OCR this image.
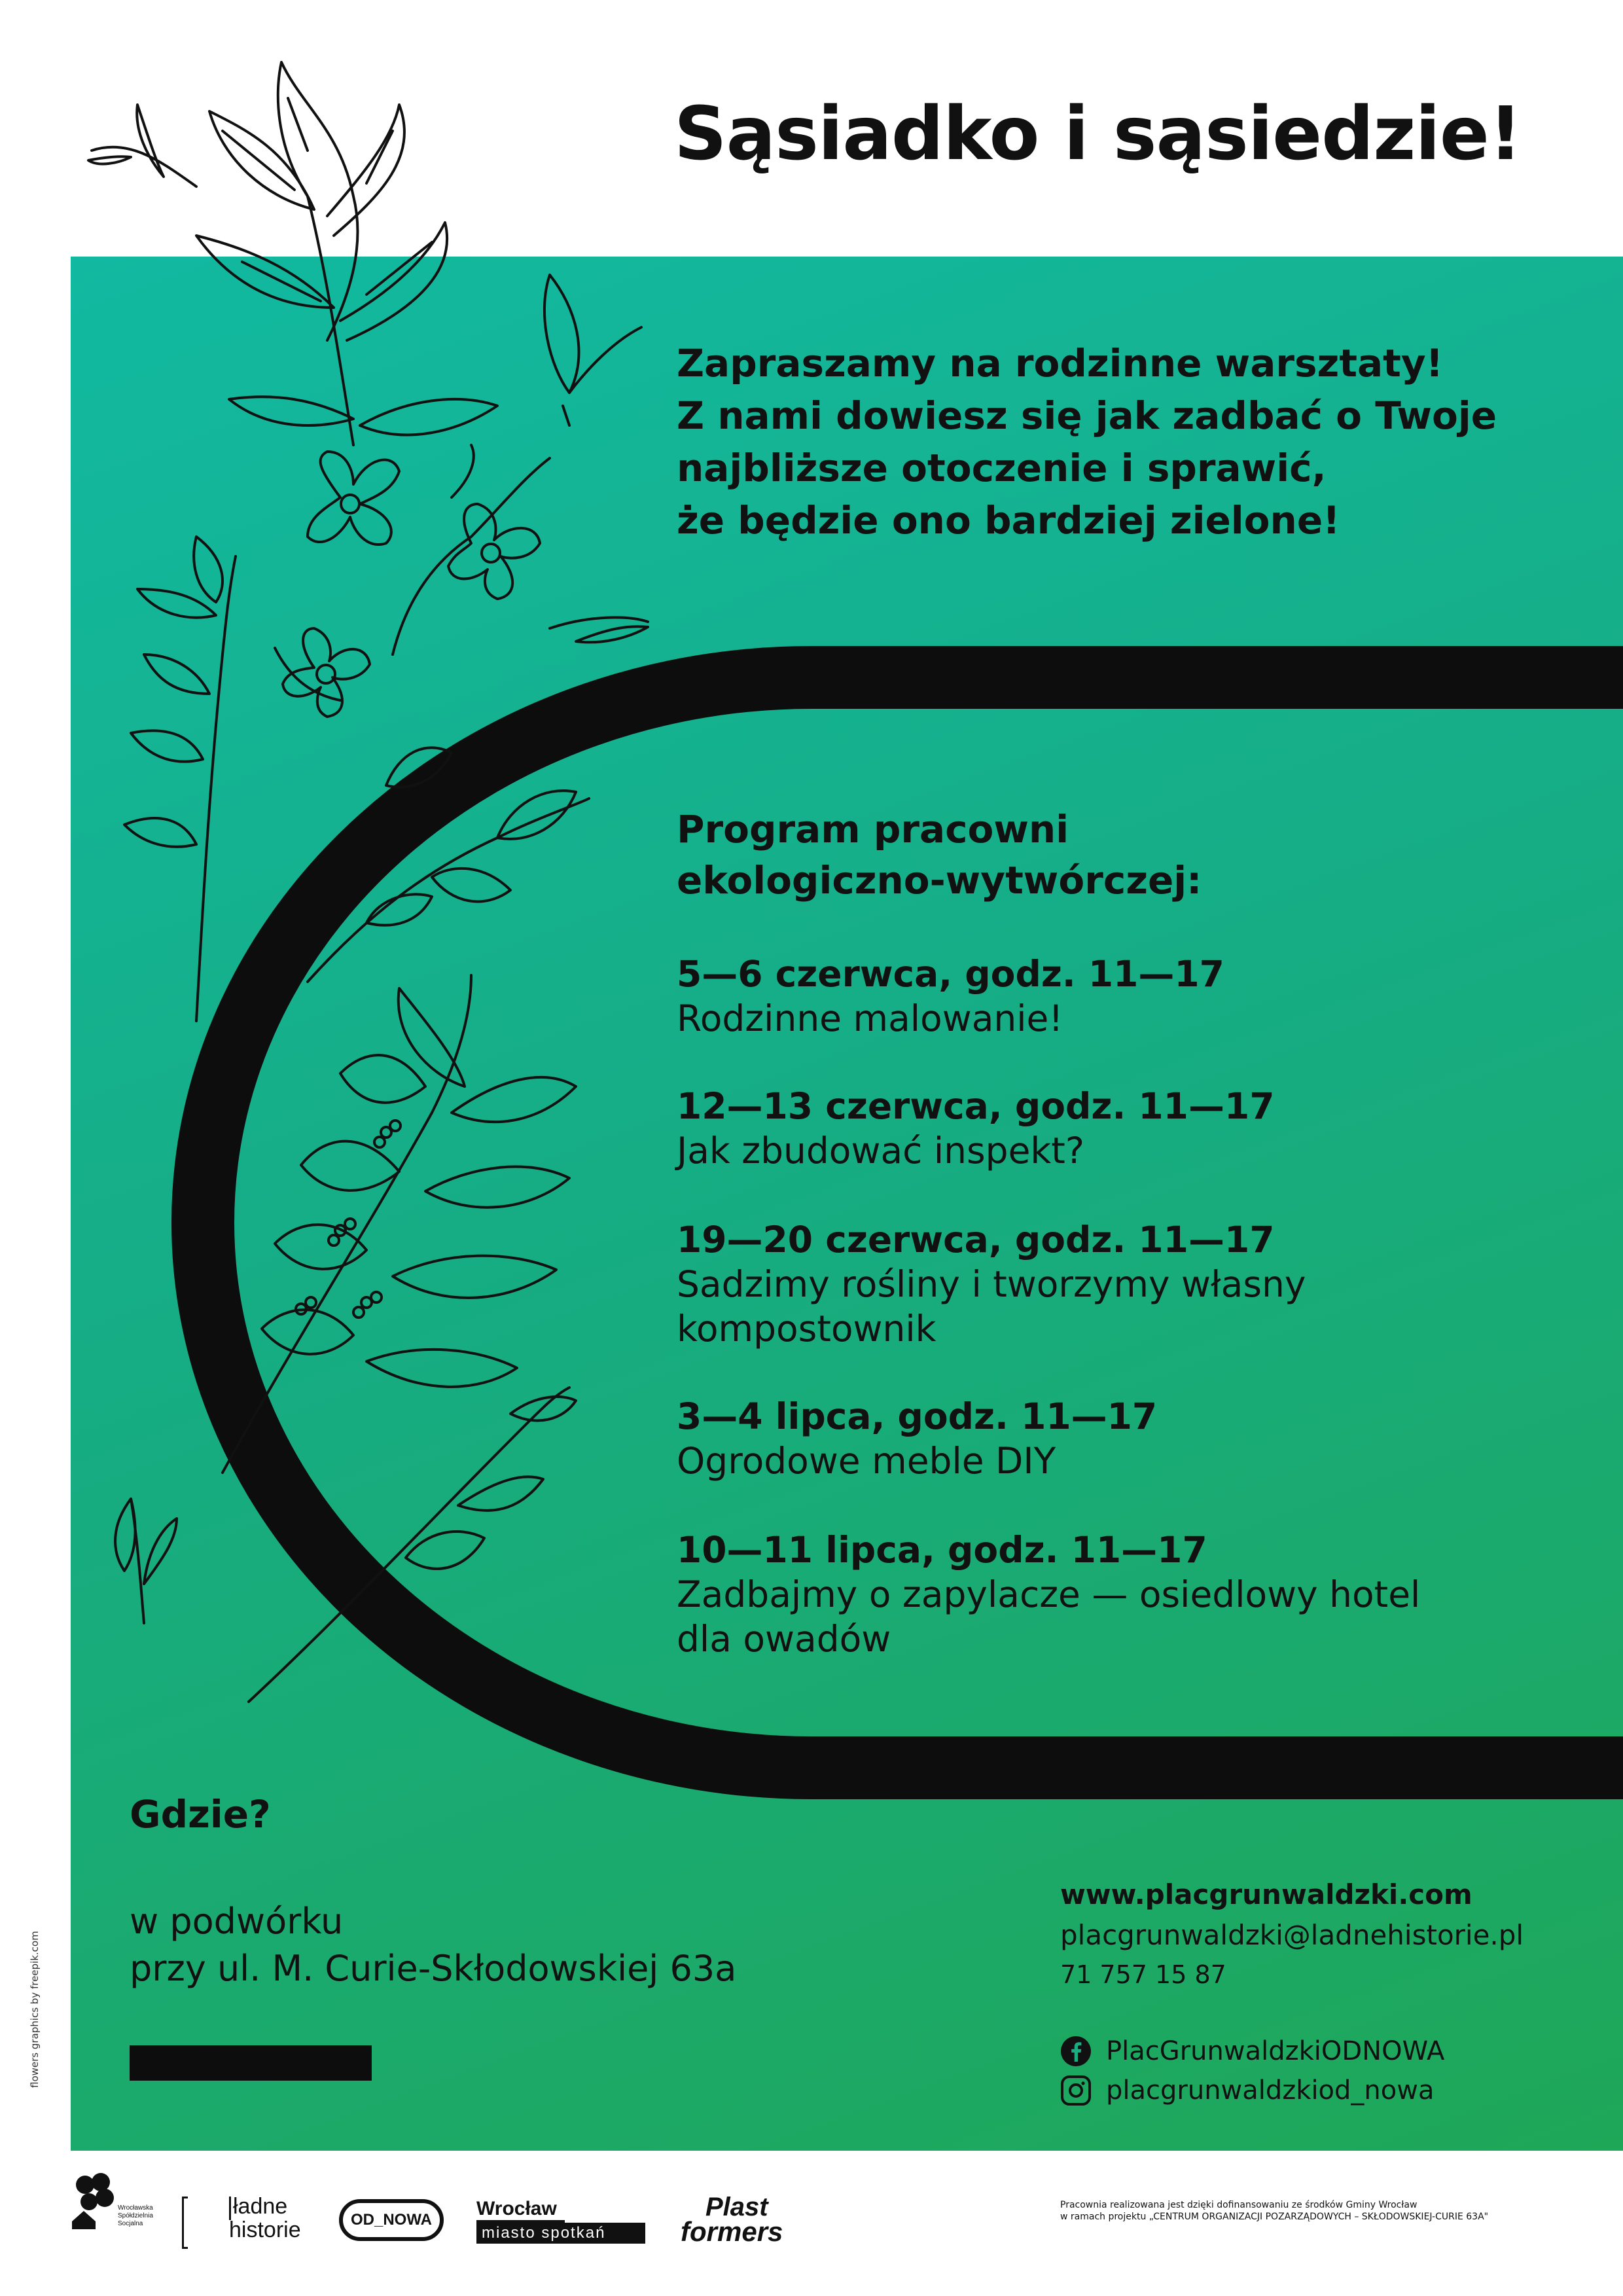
Sąsiadko i sąsiedzie!
Zapraszamy na rodzinne warsztaty!
Z nami dowiesz się jak zadbać o Twoje
najbliższe otoczenie i sprawić,
że będzie ono bardziej zielone!
Program pracowni
ekologiczno-wytwórczej:
5—6 czerwca, godz. 11—17
Rodzinne malowanie!
12—13 czerwca, godz. 11—17
Jak zbudować inspekt?
19—20 czerwca, godz. 11—17
Sadzimy rośliny i tworzymy własny
kompostownik
3—4 lipca, godz. 11—17
Ogrodowe meble DIY
10—11 lipca, godz. 11—17
Zadbajmy o zapylacze — osiedlowy hotel
dla owadów
Gdzie?
w podwórku
przy ul. M. Curie-Skłodowskiej 63a
www.placgrunwaldzki.com
placgrunwaldzki@ladnehistorie.pl
71 757 15 87
PlacGrunwaldzkiODNOWA
placgrunwaldzkiod_nowa
flowers graphics by freepik.com
Wrocławska
Spółdzielnia
Socjalna
ładne
historie	OD_NOWA
Wrocław
miasto spotkań
Plast
formers
Pracownia realizowana jest dzięki dofinansowaniu ze środków Gminy Wrocław
w ramach projektu „CENTRUM ORGANIZACJI POZARZĄDOWYCH – SKŁODOWSKIEJ-CURIE 63A"
